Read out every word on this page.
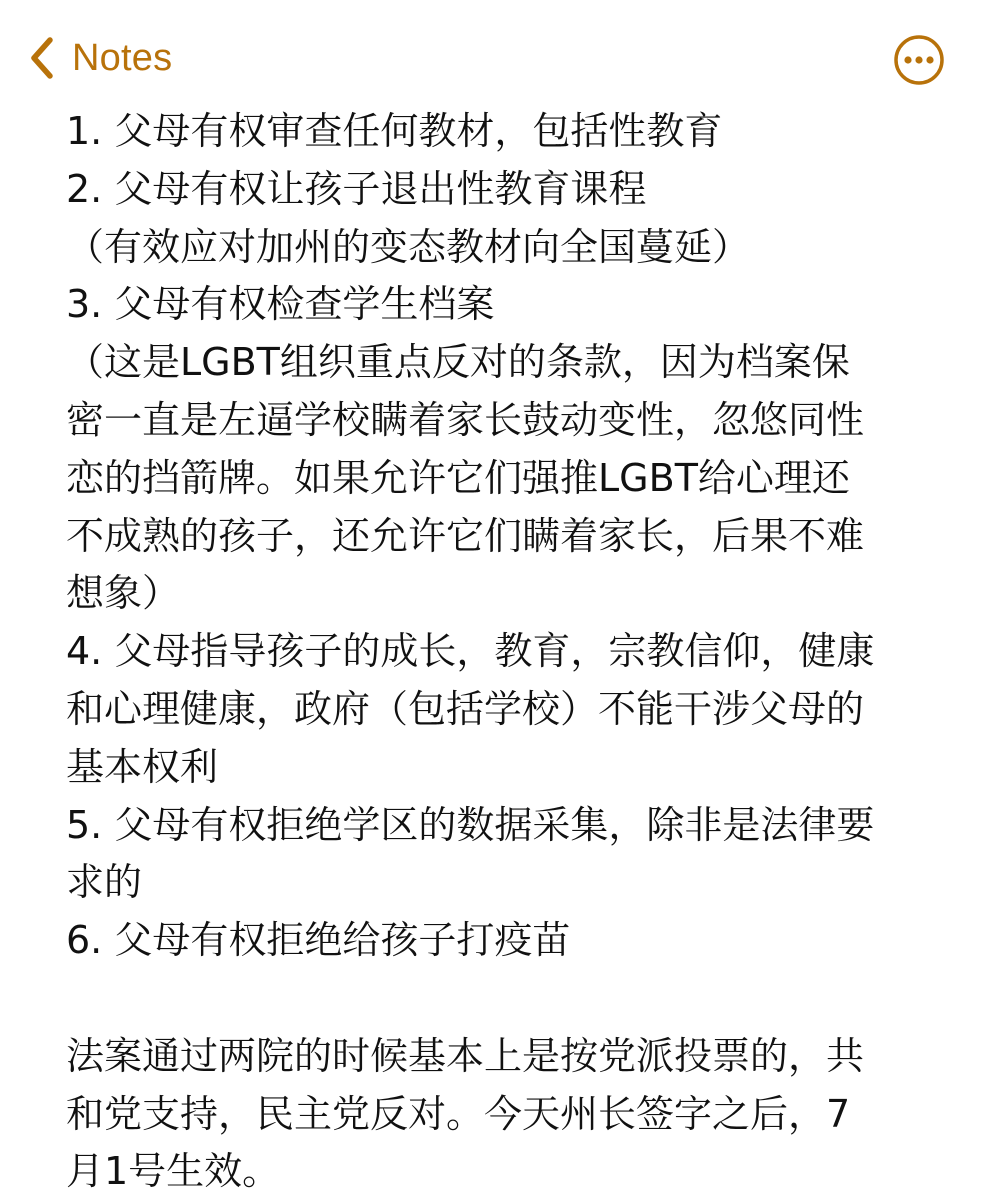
Notes
1. 父母有权审查任何教材，包括性教育
2. 父母有权让孩子退出性教育课程
（有效应对加州的变态教材向全国蔓延）
3. 父母有权检查学生档案
（这是LGBT组织重点反对的条款，因为档案保
密一直是左逼学校瞒着家长鼓动变性，忽悠同性
恋的挡箭牌。如果允许它们强推LGBT给心理还
不成熟的孩子，还允许它们瞒着家长，后果不难
想象）
4. 父母指导孩子的成长，教育，宗教信仰，健康
和心理健康，政府（包括学校）不能干涉父母的
基本权利
5. 父母有权拒绝学区的数据采集，除非是法律要
求的
6. 父母有权拒绝给孩子打疫苗
法案通过两院的时候基本上是按党派投票的，共
和党支持，民主党反对。今天州长签字之后，7
月1号生效。
